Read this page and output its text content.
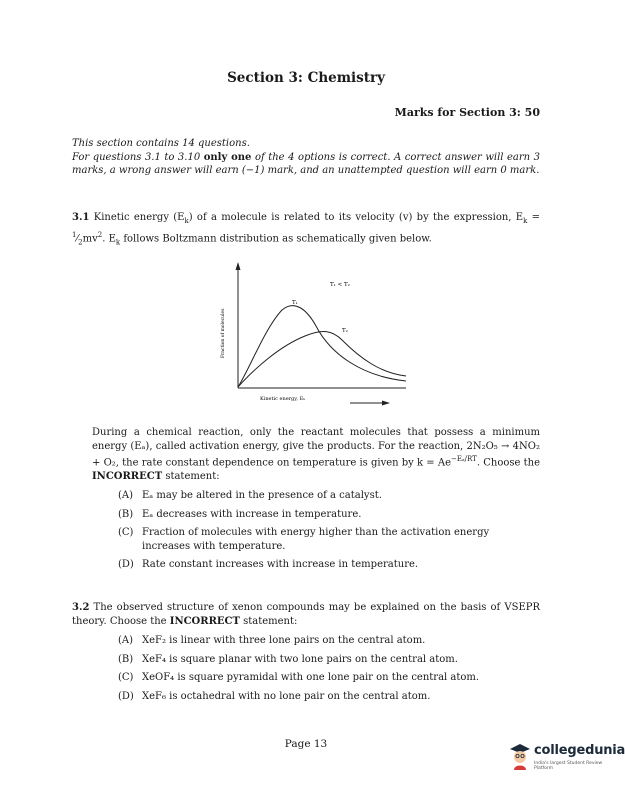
Section 3: Chemistry
Marks for Section 3: 50
This section contains 14 questions.
For questions 3.1 to 3.10 only one of the 4 options is correct. A correct answer will earn 3 marks, a wrong answer will earn (−1) mark, and an unattempted question will earn 0 mark.
3.1 Kinetic energy $(E_k)$ of a molecule is related to its velocity (v) by the expression, $E_k$ = $^1⁄_2mv^2$. $E_k$ follows Boltzmann distribution as schematically given below.
T₁ < T₂
T₁
T₂
Kinetic energy, Eₖ
Fraction of molecules
During a chemical reaction, only the reactant molecules that possess a minimum energy (Eₐ), called activation energy, give the products. For the reaction, 2N₂O₅ → 4NO₂ + O₂, the rate constant dependence on temperature is given by $k = Ae^{-E_a/RT}$. Choose the INCORRECT statement:
(A) Eₐ may be altered in the presence of a catalyst.
(B) Eₐ decreases with increase in temperature.
(C) Fraction of molecules with energy higher than the activation energy increases with temperature.
(D) Rate constant increases with increase in temperature.
3.2 The observed structure of xenon compounds may be explained on the basis of VSEPR theory. Choose the INCORRECT statement:
(A) XeF₂ is linear with three lone pairs on the central atom.
(B) XeF₄ is square planar with two lone pairs on the central atom.
(C) XeOF₄ is square pyramidal with one lone pair on the central atom.
(D) XeF₆ is octahedral with no lone pair on the central atom.
Page 13	collegedunia
India's largest Student Review Platform
